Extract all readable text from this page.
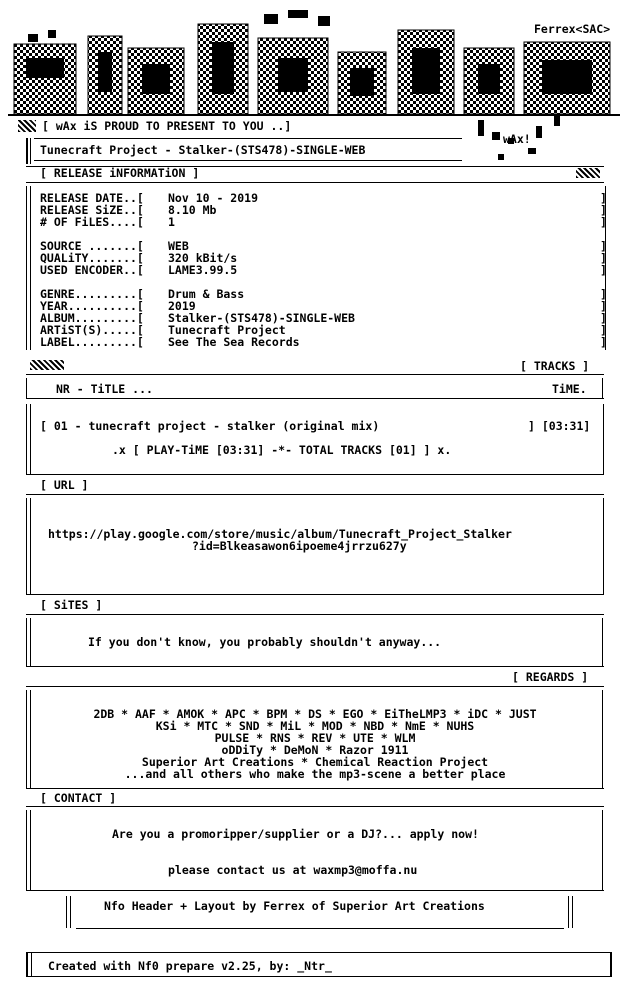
Ferrex<SAC>
wAx!
[ wAx iS PROUD TO PRESENT TO YOU ..]
Tunecraft Project - Stalker-(STS478)-SINGLE-WEB
[ RELEASE iNFORMATiON ]
RELEASE DATE..[ Nov 10 - 2019
RELEASE SiZE..[ 8.10 Mb
# OF FiLES....[ 1
SOURCE .......[ WEB
QUALiTY.......[ 320 kBit/s
USED ENCODER..[ LAME3.99.5
GENRE.........[ Drum & Bass
YEAR..........[ 2019
ALBUM.........[ Stalker-(STS478)-SINGLE-WEB
ARTiST(S).....[ Tunecraft Project
LABEL.........[ See The Sea Records
]
]
]
]
]
]
]
]
]
]
]
[ TRACKS ]
NR - TiTLE ...	TiME.
[ 01 - tunecraft project - stalker (original mix)	] [03:31]
.x [ PLAY-TiME [03:31] -*- TOTAL TRACKS [01] ] x.
[ URL ]
https://play.google.com/store/music/album/Tunecraft_Project_Stalker
?id=Blkeasawon6ipoeme4jrrzu627y
[ SiTES ]
If you don't know, you probably shouldn't anyway...
[ REGARDS ]
2DB * AAF * AMOK * APC * BPM * DS * EGO * EiTheLMP3 * iDC * JUST
KSi * MTC * SND * MiL * MOD * NBD * NmE * NUHS
PULSE * RNS * REV * UTE * WLM
oDDiTy * DeMoN * Razor 1911
Superior Art Creations * Chemical Reaction Project
...and all others who make the mp3-scene a better place
[ CONTACT ]
Are you a promoripper/supplier or a DJ?... apply now!
please contact us at waxmp3@moffa.nu
Nfo Header + Layout by Ferrex of Superior Art Creations
Created with Nf0 prepare v2.25, by: _Ntr_
